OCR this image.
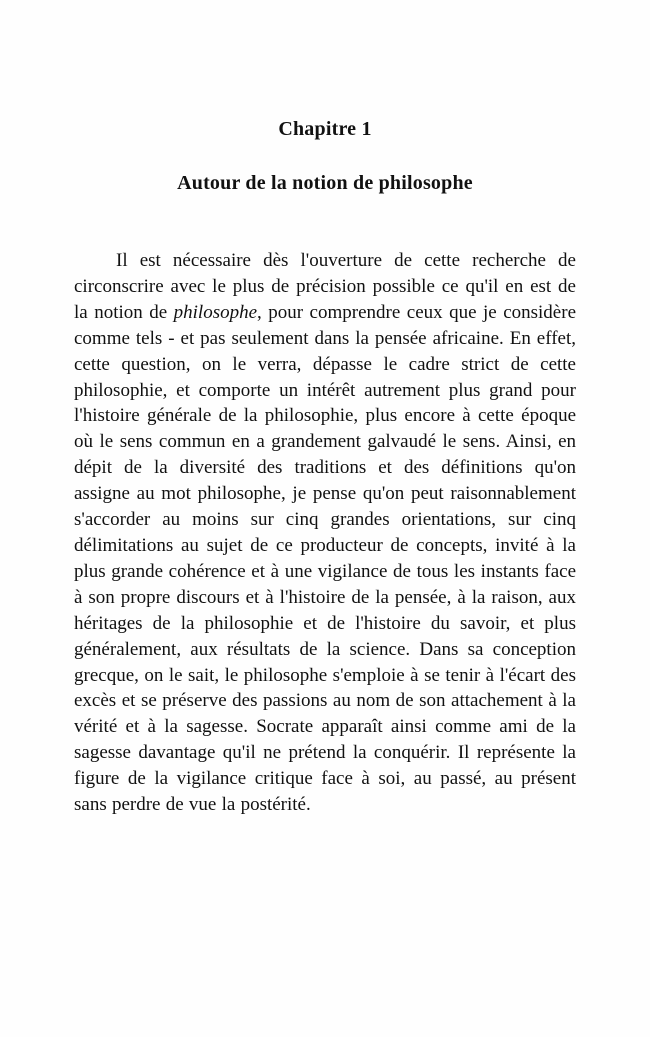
Chapitre 1
Autour de la notion de philosophe

Il est nécessaire dès l'ouverture de cette recherche de circonscrire avec le plus de précision possible ce qu'il en est de la notion de philosophe, pour comprendre ceux que je considère comme tels - et pas seulement dans la pensée africaine. En effet, cette question, on le verra, dépasse le cadre strict de cette philosophie, et comporte un intérêt autrement plus grand pour l'histoire générale de la philosophie, plus encore à cette époque où le sens commun en a grandement galvaudé le sens. Ainsi, en dépit de la diversité des traditions et des définitions qu'on assigne au mot philosophe, je pense qu'on peut raisonnablement s'accorder au moins sur cinq grandes orientations, sur cinq délimitations au sujet de ce producteur de concepts, invité à la plus grande cohérence et à une vigilance de tous les instants face à son propre discours et à l'histoire de la pensée, à la raison, aux héritages de la philosophie et de l'histoire du savoir, et plus généralement, aux résultats de la science. Dans sa conception grecque, on le sait, le philosophe s'emploie à se tenir à l'écart des excès et se préserve des passions au nom de son attachement à la vérité et à la sagesse. Socrate apparaît ainsi comme ami de la sagesse davantage qu'il ne prétend la conquérir. Il représente la figure de la vigilance critique face à soi, au passé, au présent sans perdre de vue la postérité.
